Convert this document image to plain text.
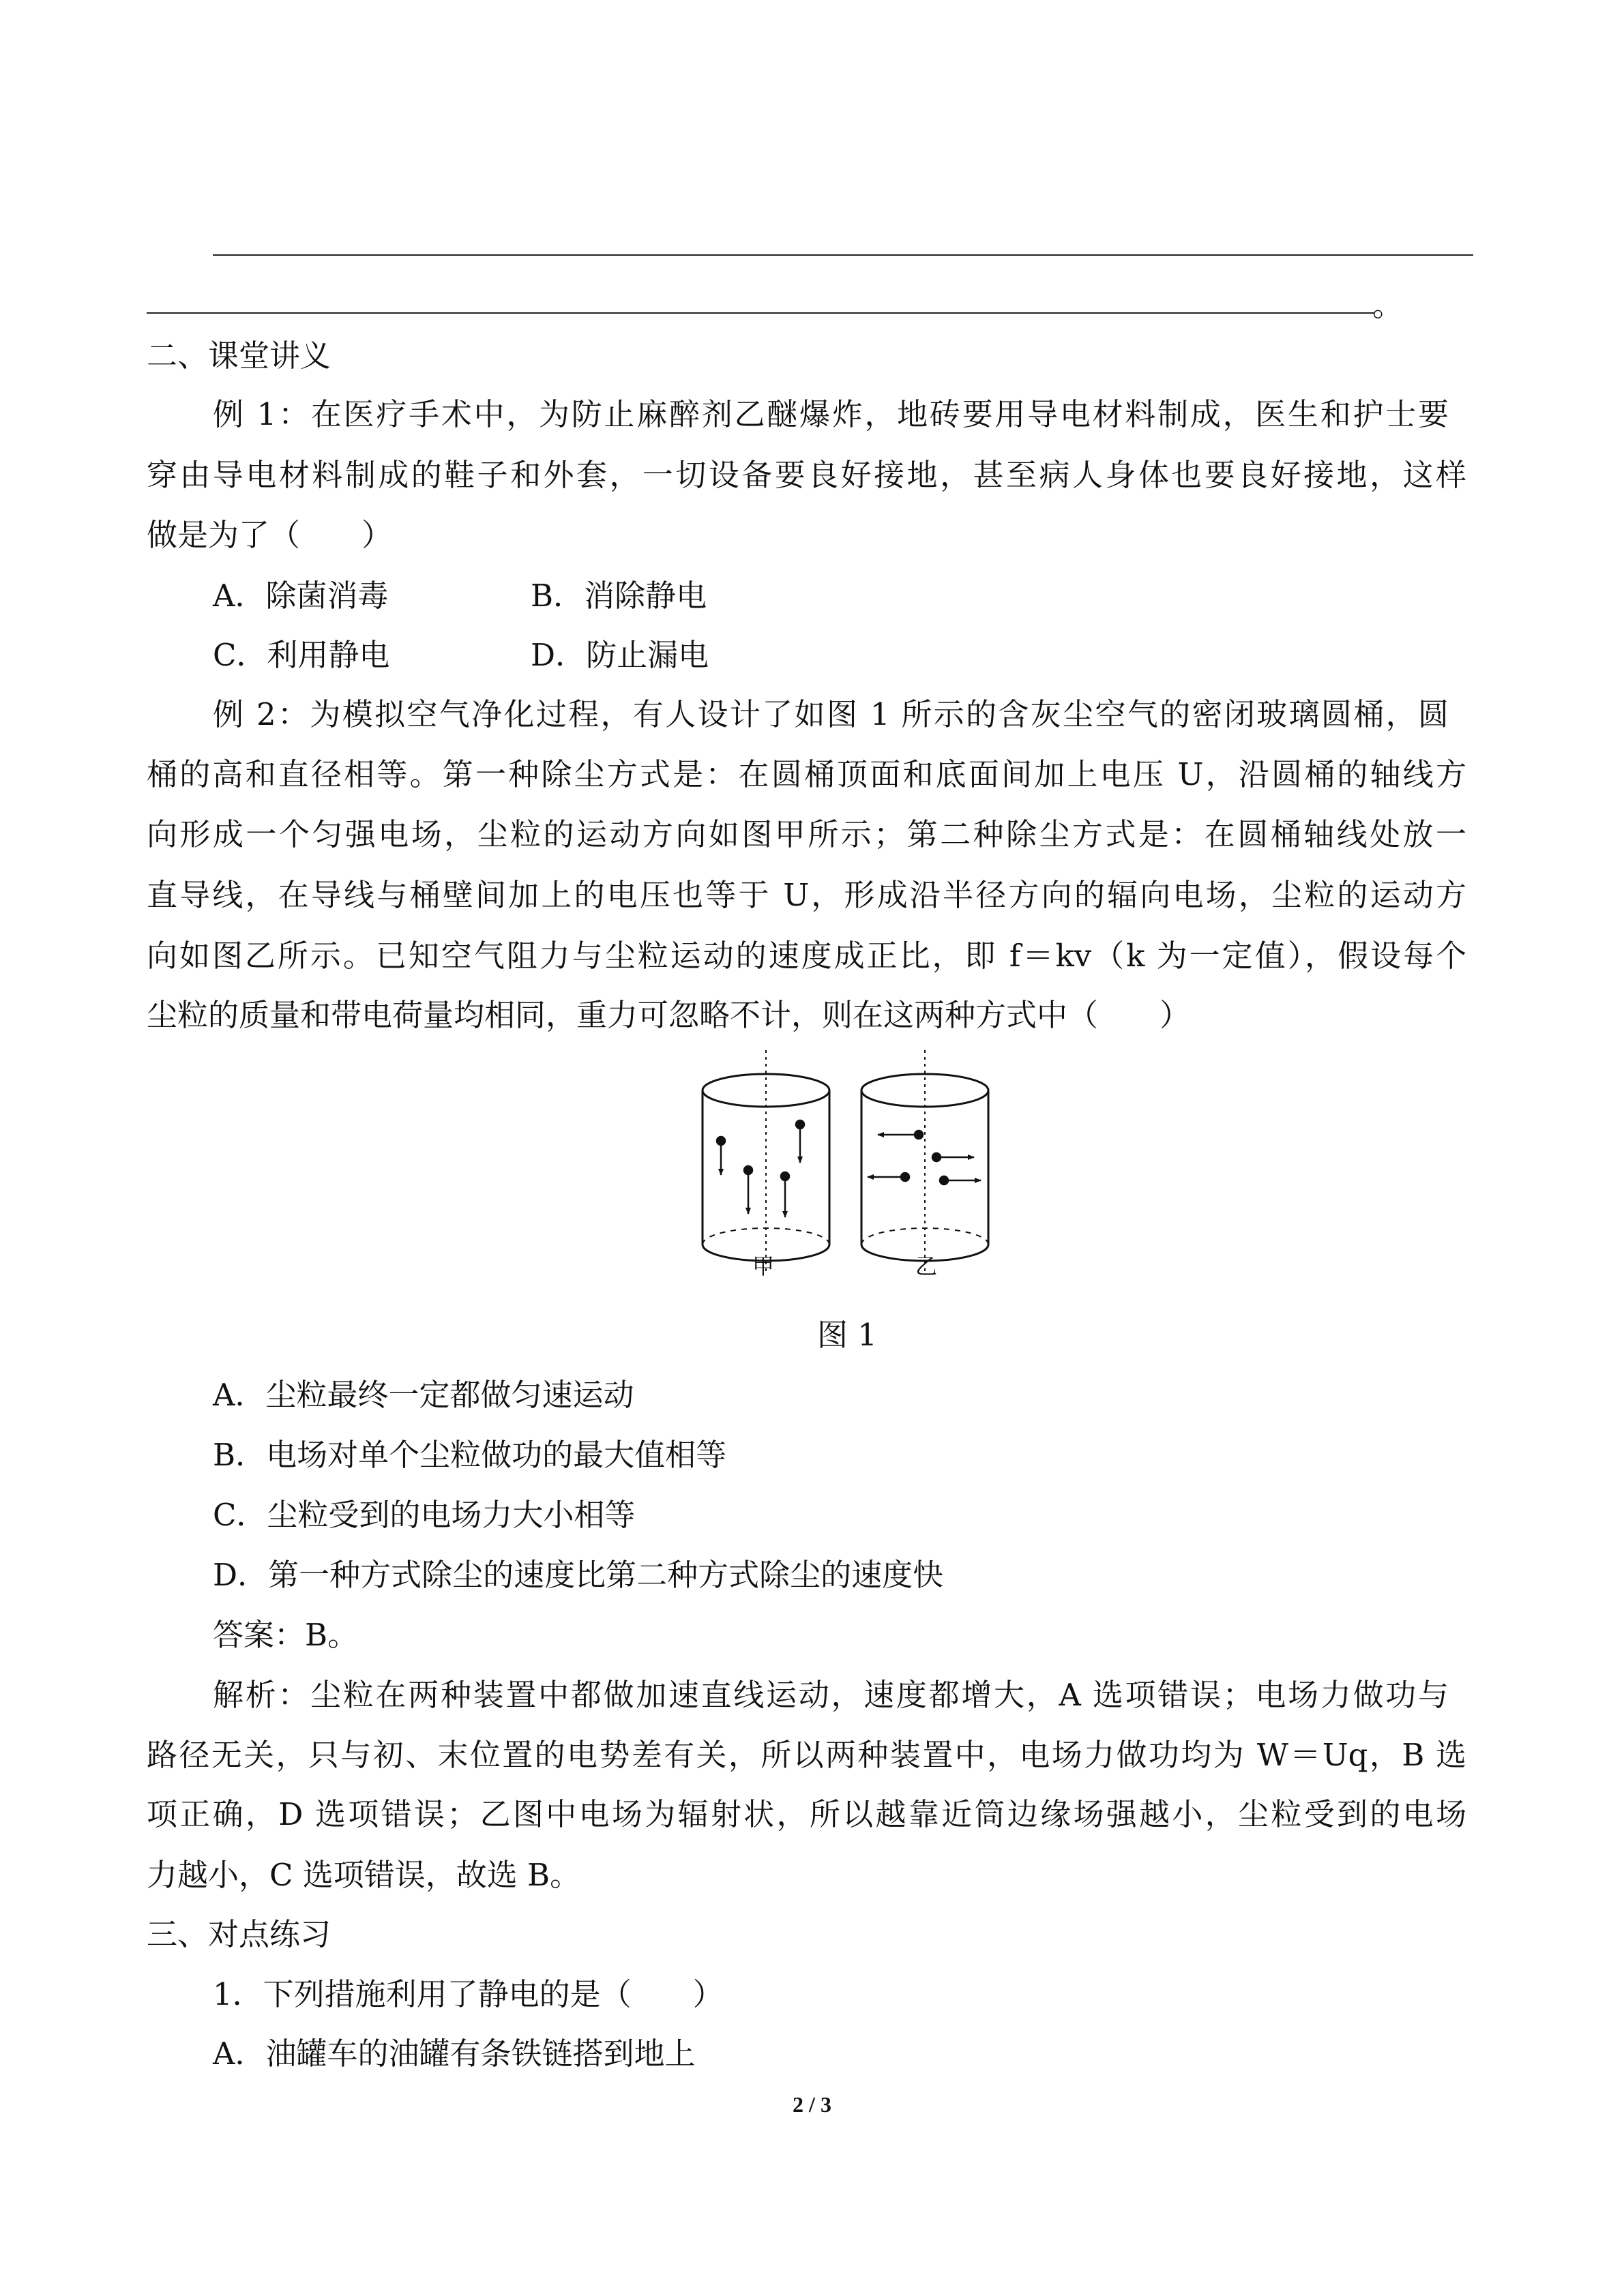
。
二、课堂讲义
例 1：在医疗手术中，为防止麻醉剂乙醚爆炸，地砖要用导电材料制成，医生和护士要
穿由导电材料制成的鞋子和外套，一切设备要良好接地，甚至病人身体也要良好接地，这样
做是为了（　　）
A．除菌消毒	B．消除静电
C．利用静电	D．防止漏电
例 2：为模拟空气净化过程，有人设计了如图 1 所示的含灰尘空气的密闭玻璃圆桶，圆
桶的高和直径相等。第一种除尘方式是：在圆桶顶面和底面间加上电压 U，沿圆桶的轴线方
向形成一个匀强电场，尘粒的运动方向如图甲所示；第二种除尘方式是：在圆桶轴线处放一
直导线，在导线与桶壁间加上的电压也等于 U，形成沿半径方向的辐向电场，尘粒的运动方
向如图乙所示。已知空气阻力与尘粒运动的速度成正比，即 f＝kv（k 为一定值），假设每个
尘粒的质量和带电荷量均相同，重力可忽略不计，则在这两种方式中（　　）
甲	乙
图 1
A．尘粒最终一定都做匀速运动
B．电场对单个尘粒做功的最大值相等
C．尘粒受到的电场力大小相等
D．第一种方式除尘的速度比第二种方式除尘的速度快
答案：B。
解析：尘粒在两种装置中都做加速直线运动，速度都增大，A 选项错误；电场力做功与
路径无关，只与初、末位置的电势差有关，所以两种装置中，电场力做功均为 W＝Uq，B 选
项正确，D 选项错误；乙图中电场为辐射状，所以越靠近筒边缘场强越小，尘粒受到的电场
力越小，C 选项错误，故选 B。
三、对点练习
1．下列措施利用了静电的是（　　）
A．油罐车的油罐有条铁链搭到地上
2 / 3
